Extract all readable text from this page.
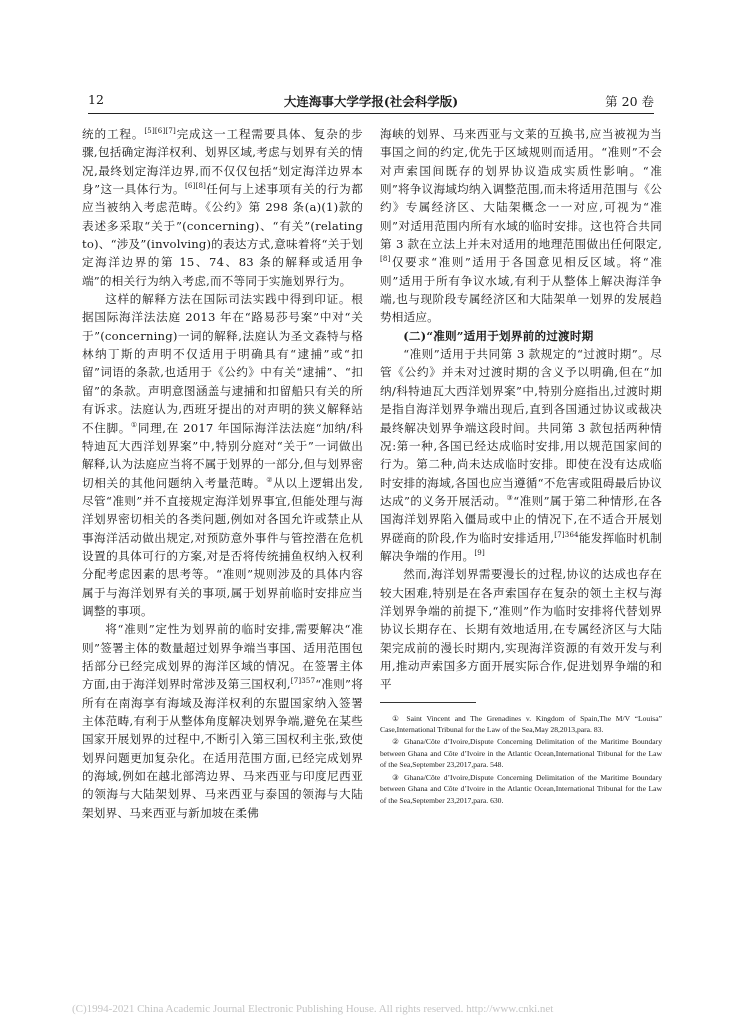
12	大连海事大学学报(社会科学版)	第 20 卷

统的工程。[5][6][7]完成这一工程需要具体、复杂的步骤,包括确定海洋权利、划界区域,考虑与划界有关的情况,最终划定海洋边界,而不仅仅包括“划定海洋边界本身”这一具体行为。[6][8]任何与上述事项有关的行为都应当被纳入考虑范畴。《公约》第 298 条(a)(1)款的表述多采取“关于”(concerning)、“有关”(relating to)、“涉及”(involving)的表达方式,意味着将“关于划定海洋边界的第 15、74、83 条的解释或适用争端”的相关行为纳入考虑,而不等同于实施划界行为。

这样的解释方法在国际司法实践中得到印证。根据国际海洋法法庭 2013 年在“路易莎号案”中对“关于”(concerning)一词的解释,法庭认为圣文森特与格林纳丁斯的声明不仅适用于明确具有“逮捕”或“扣留”词语的条款,也适用于《公约》中有关“逮捕”、“扣留”的条款。声明意图涵盖与逮捕和扣留船只有关的所有诉求。法庭认为,西班牙提出的对声明的狭义解释站不住脚。①同理,在 2017 年国际海洋法法庭“加纳/科特迪瓦大西洋划界案”中,特别分庭对“关于”一词做出解释,认为法庭应当将不属于划界的一部分,但与划界密切相关的其他问题纳入考量范畴。②从以上逻辑出发,尽管“准则”并不直接规定海洋划界事宜,但能处理与海洋划界密切相关的各类问题,例如对各国允许或禁止从事海洋活动做出规定,对预防意外事件与管控潜在危机设置的具体可行的方案,对是否将传统捕鱼权纳入权利分配考虑因素的思考等。“准则”规则涉及的具体内容属于与海洋划界有关的事项,属于划界前临时安排应当调整的事项。

将“准则”定性为划界前的临时安排,需要解决“准则”签署主体的数量超过划界争端当事国、适用范围包括部分已经完成划界的海洋区域的情况。在签署主体方面,由于海洋划界时常涉及第三国权利,$^{[7]357}$“准则”将所有在南海享有海域及海洋权利的东盟国家纳入签署主体范畴,有利于从整体角度解决划界争端,避免在某些国家开展划界的过程中,不断引入第三国权利主张,致使划界问题更加复杂化。在适用范围方面,已经完成划界的海域,例如在越北部湾边界、马来西亚与印度尼西亚的领海与大陆架划界、马来西亚与泰国的领海与大陆架划界、马来西亚与新加坡在柔佛

海峡的划界、马来西亚与文莱的互换书,应当被视为当事国之间的约定,优先于区域规则而适用。“准则”不会对声索国间既存的划界协议造成实质性影响。“准则”将争议海域均纳入调整范围,而未将适用范围与《公约》专属经济区、大陆架概念一一对应,可视为“准则”对适用范围内所有水域的临时安排。这也符合共同第 3 款在立法上并未对适用的地理范围做出任何限定,[8]仅要求“准则”适用于各国意见相反区域。将“准则”适用于所有争议水域,有利于从整体上解决海洋争端,也与现阶段专属经济区和大陆架单一划界的发展趋势相适应。

(二)“准则”适用于划界前的过渡时期

“准则”适用于共同第 3 款规定的“过渡时期”。尽管《公约》并未对过渡时期的含义予以明确,但在“加纳/科特迪瓦大西洋划界案”中,特别分庭指出,过渡时期是指自海洋划界争端出现后,直到各国通过协议或裁决最终解决划界争端这段时间。共同第 3 款包括两种情况:第一种,各国已经达成临时安排,用以规范国家间的行为。第二种,尚未达成临时安排。即使在没有达成临时安排的海域,各国也应当遵循“不危害或阻碍最后协议达成”的义务开展活动。③“准则”属于第二种情形,在各国海洋划界陷入僵局或中止的情况下,在不适合开展划界磋商的阶段,作为临时安排适用,$^{[7]364}$能发挥临时机制解决争端的作用。[9]

然而,海洋划界需要漫长的过程,协议的达成也存在较大困难,特别是在各声索国存在复杂的领土主权与海洋划界争端的前提下,“准则”作为临时安排将代替划界协议长期存在、长期有效地适用,在专属经济区与大陆架完成前的漫长时期内,实现海洋资源的有效开发与利用,推动声索国多方面开展实际合作,促进划界争端的和平

① Saint Vincent and The Grenadines v. Kingdom of Spain,The M/V “Louisa” Case,International Tribunal for the Law of the Sea,May 28,2013,para. 83.

② Ghana/Côte d’Ivoire,Dispute Concerning Delimitation of the Maritime Boundary between Ghana and Côte d’Ivoire in the Atlantic Ocean,International Tribunal for the Law of the Sea,September 23,2017,para. 548.

③ Ghana/Côte d’Ivoire,Dispute Concerning Delimitation of the Maritime Boundary between Ghana and Côte d’Ivoire in the Atlantic Ocean,International Tribunal for the Law of the Sea,September 23,2017,para. 630.

(C)1994-2021 China Academic Journal Electronic Publishing House. All rights reserved. http://www.cnki.net
